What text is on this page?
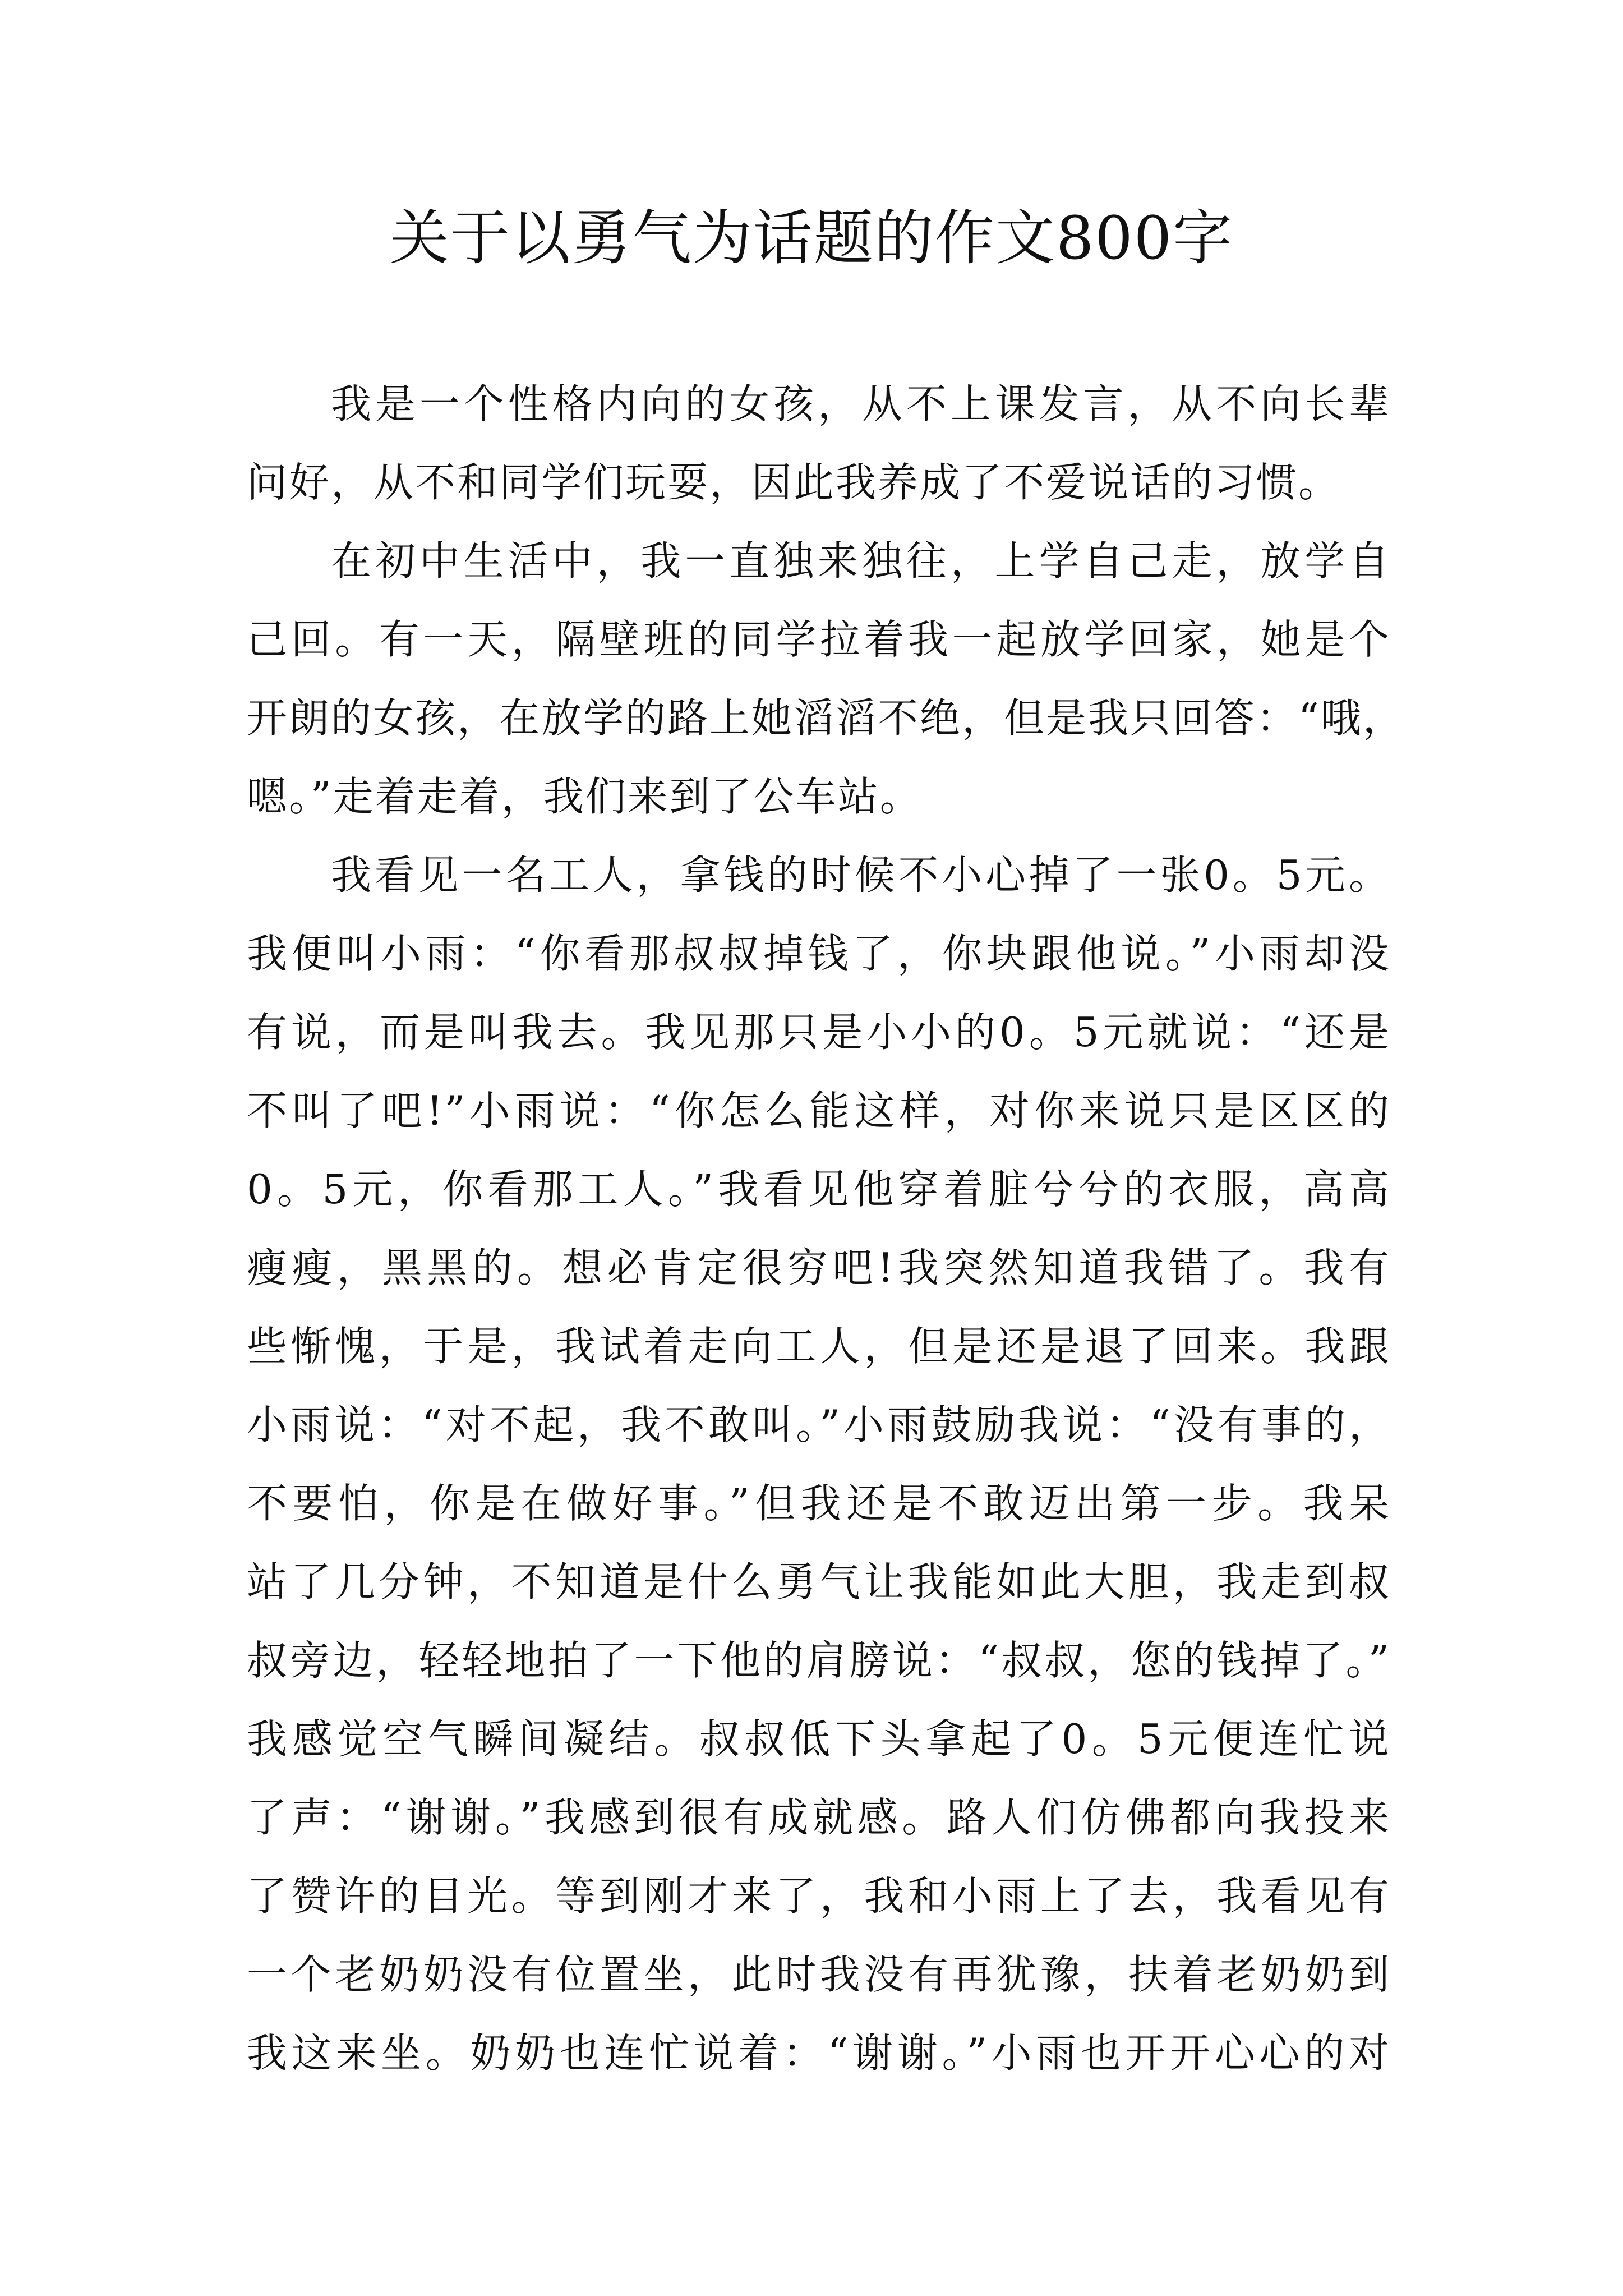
关于以勇气为话题的作文800字
我是一个性格内向的女孩，从不上课发言，从不向长辈
问好，从不和同学们玩耍，因此我养成了不爱说话的习惯。
在初中生活中，我一直独来独往，上学自己走，放学自
己回。有一天，隔壁班的同学拉着我一起放学回家，她是个
开朗的女孩，在放学的路上她滔滔不绝，但是我只回答：“哦，
嗯。”走着走着，我们来到了公车站。
我看见一名工人，拿钱的时候不小心掉了一张0。5元。
我便叫小雨：“你看那叔叔掉钱了，你块跟他说。”小雨却没
有说，而是叫我去。我见那只是小小的0。5元就说：“还是
不叫了吧!”小雨说：“你怎么能这样，对你来说只是区区的
0。5元，你看那工人。”我看见他穿着脏兮兮的衣服，高高
瘦瘦，黑黑的。想必肯定很穷吧!我突然知道我错了。我有
些惭愧，于是，我试着走向工人，但是还是退了回来。我跟
小雨说：“对不起，我不敢叫。”小雨鼓励我说：“没有事的，
不要怕，你是在做好事。”但我还是不敢迈出第一步。我呆
站了几分钟，不知道是什么勇气让我能如此大胆，我走到叔
叔旁边，轻轻地拍了一下他的肩膀说：“叔叔，您的钱掉了。”
我感觉空气瞬间凝结。叔叔低下头拿起了0。5元便连忙说
了声：“谢谢。”我感到很有成就感。路人们仿佛都向我投来
了赞许的目光。等到刚才来了，我和小雨上了去，我看见有
一个老奶奶没有位置坐，此时我没有再犹豫，扶着老奶奶到
我这来坐。奶奶也连忙说着：“谢谢。”小雨也开开心心的对
